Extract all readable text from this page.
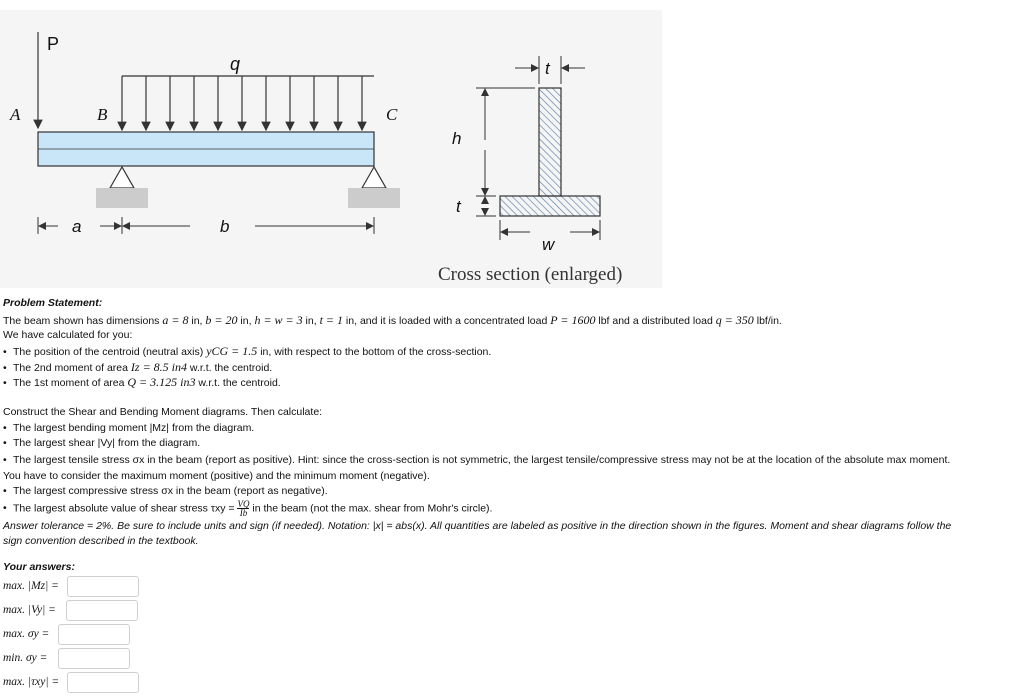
P
q
A	B	C
a	b
t
h
t
w
Cross section (enlarged)
Problem Statement:
The beam shown has dimensions a = 8 in, b = 20 in, h = w = 3 in, t = 1 in, and it is loaded with a concentrated load P = 1600 lbf and a distributed load q = 350 lbf/in.
We have calculated for you:
• The position of the centroid (neutral axis) yCG = 1.5 in, with respect to the bottom of the cross-section.
• The 2nd moment of area Iz = 8.5 in4 w.r.t. the centroid.
• The 1st moment of area Q = 3.125 in3 w.r.t. the centroid.
Construct the Shear and Bending Moment diagrams. Then calculate:
• The largest bending moment |Mz| from the diagram.
• The largest shear |Vy| from the diagram.
• The largest tensile stress σx in the beam (report as positive). Hint: since the cross-section is not symmetric, the largest tensile/compressive stress may not be at the location of the absolute max moment.
You have to consider the maximum moment (positive) and the minimum moment (negative).
• The largest compressive stress σx in the beam (report as negative).
• The largest absolute value of shear stress $\tau xy = \frac{VQ}{Ib}$ in the beam (not the max. shear from Mohr's circle).
Answer tolerance = 2%. Be sure to include units and sign (if needed). Notation: |x| = abs(x). All quantities are labeled as positive in the direction shown in the figures. Moment and shear diagrams follow the
sign convention described in the textbook.
Your answers:
max. |Mz| =
max. |Vy| =
max. σy =
min. σy =
max. |τxy| =
